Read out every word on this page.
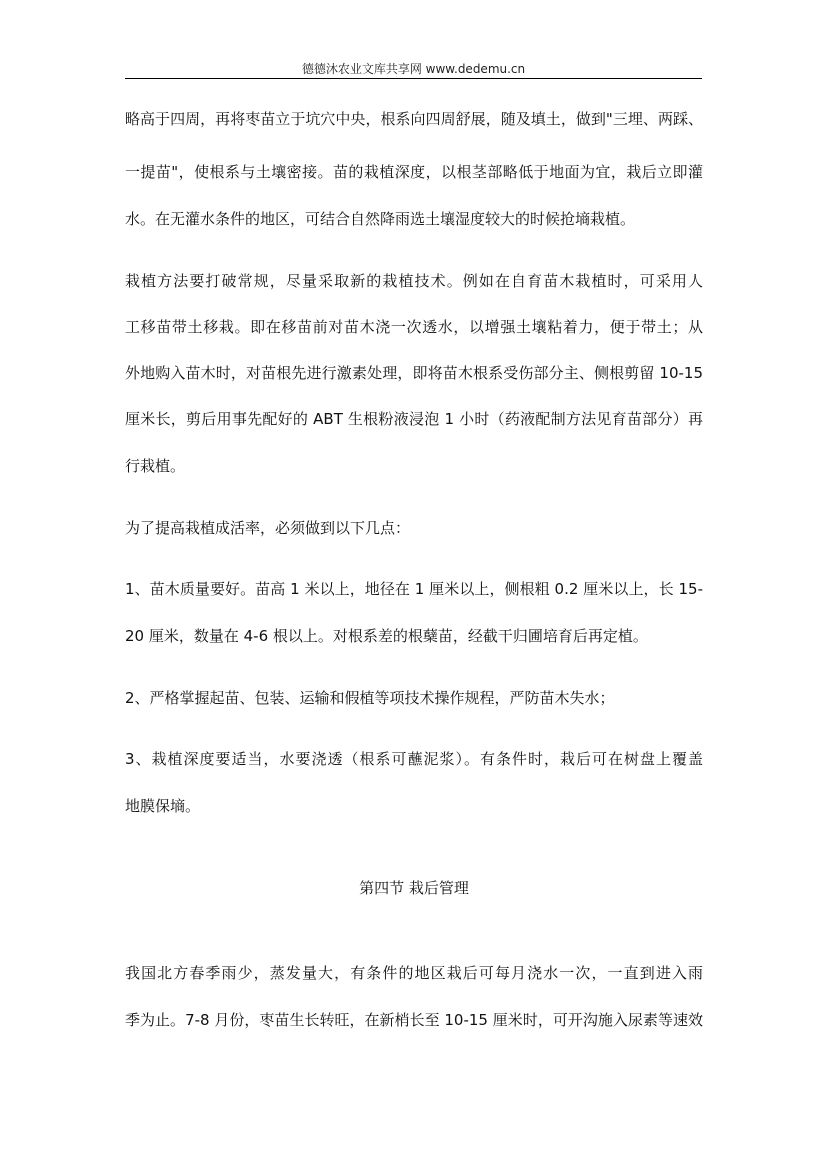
德德沐农业文库共享网 www.dedemu.cn
略高于四周，再将枣苗立于坑穴中央，根系向四周舒展，随及填土，做到"三埋、两踩、
一提苗"，使根系与土壤密接。苗的栽植深度，以根茎部略低于地面为宜，栽后立即灌
水。在无灌水条件的地区，可结合自然降雨选土壤湿度较大的时候抢墒栽植。
栽植方法要打破常规，尽量采取新的栽植技术。例如在自育苗木栽植时，可采用人
工移苗带土移栽。即在移苗前对苗木浇一次透水，以增强土壤粘着力，便于带土；从
外地购入苗木时，对苗根先进行激素处理，即将苗木根系受伤部分主、侧根剪留 10-15
厘米长，剪后用事先配好的 ABT 生根粉液浸泡 1 小时（药液配制方法见育苗部分）再
行栽植。
为了提高栽植成活率，必须做到以下几点：
1、苗木质量要好。苗高 1 米以上，地径在 1 厘米以上，侧根粗 0.2 厘米以上，长 15-
20 厘米，数量在 4-6 根以上。对根系差的根蘖苗，经截干归圃培育后再定植。
2、严格掌握起苗、包装、运输和假植等项技术操作规程，严防苗木失水；
3、栽植深度要适当，水要浇透（根系可蘸泥浆）。有条件时，栽后可在树盘上覆盖
地膜保墒。
第四节 栽后管理
我国北方春季雨少，蒸发量大，有条件的地区栽后可每月浇水一次，一直到进入雨
季为止。7-8 月份，枣苗生长转旺，在新梢长至 10-15 厘米时，可开沟施入尿素等速效
